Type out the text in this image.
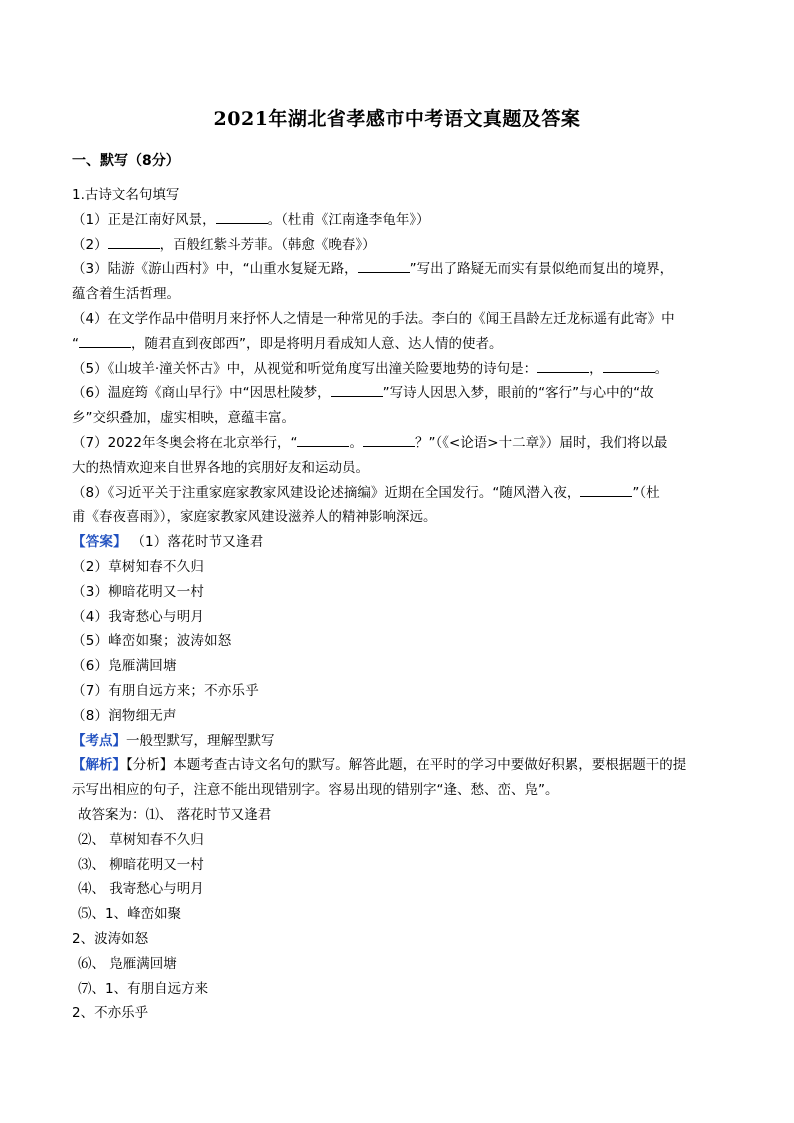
2021年湖北省孝感市中考语文真题及答案
一、默写（8分）
1.古诗文名句填写
（1）正是江南好风景，	。（杜甫《江南逢李龟年》）
（2）	，百般红紫斗芳菲。（韩愈《晚春》）
（3）陆游《游山西村》中，“山重水复疑无路，	”写出了路疑无而实有景似绝而复出的境界，
蕴含着生活哲理。
（4）在文学作品中借明月来抒怀人之情是一种常见的手法。李白的《闻王昌龄左迁龙标遥有此寄》中
“	，随君直到夜郎西”，即是将明月看成知人意、达人情的使者。
（5）《山坡羊·潼关怀古》中，从视觉和听觉角度写出潼关险要地势的诗句是：	，	。
（6）温庭筠《商山早行》中“因思杜陵梦，	”写诗人因思入梦，眼前的“客行”与心中的“故
乡”交织叠加，虚实相映，意蕴丰富。
（7）2022年冬奥会将在北京举行，“	。	？”（《<论语>十二章》）届时，我们将以最
大的热情欢迎来自世界各地的宾朋好友和运动员。
（8）《习近平关于注重家庭家教家风建设论述摘编》近期在全国发行。“随风潜入夜，	”（杜
甫《春夜喜雨》），家庭家教家风建设滋养人的精神影响深远。
【答案】 （1）落花时节又逢君
（2）草树知春不久归
（3）柳暗花明又一村
（4）我寄愁心与明月
（5）峰峦如聚；波涛如怒
（6）凫雁满回塘
（7）有朋自远方来；不亦乐乎
（8）润物细无声
【考点】一般型默写，理解型默写
【解析】【分析】本题考查古诗文名句的默写。解答此题，在平时的学习中要做好积累，要根据题干的提
示写出相应的句子，注意不能出现错别字。容易出现的错别字“逢、愁、峦、凫”。
故答案为：⑴、 落花时节又逢君
⑵、 草树知春不久归
⑶、 柳暗花明又一村
⑷、 我寄愁心与明月
⑸、1、峰峦如聚
2、波涛如怒
⑹、 凫雁满回塘
⑺、1、有朋自远方来
2、不亦乐乎
